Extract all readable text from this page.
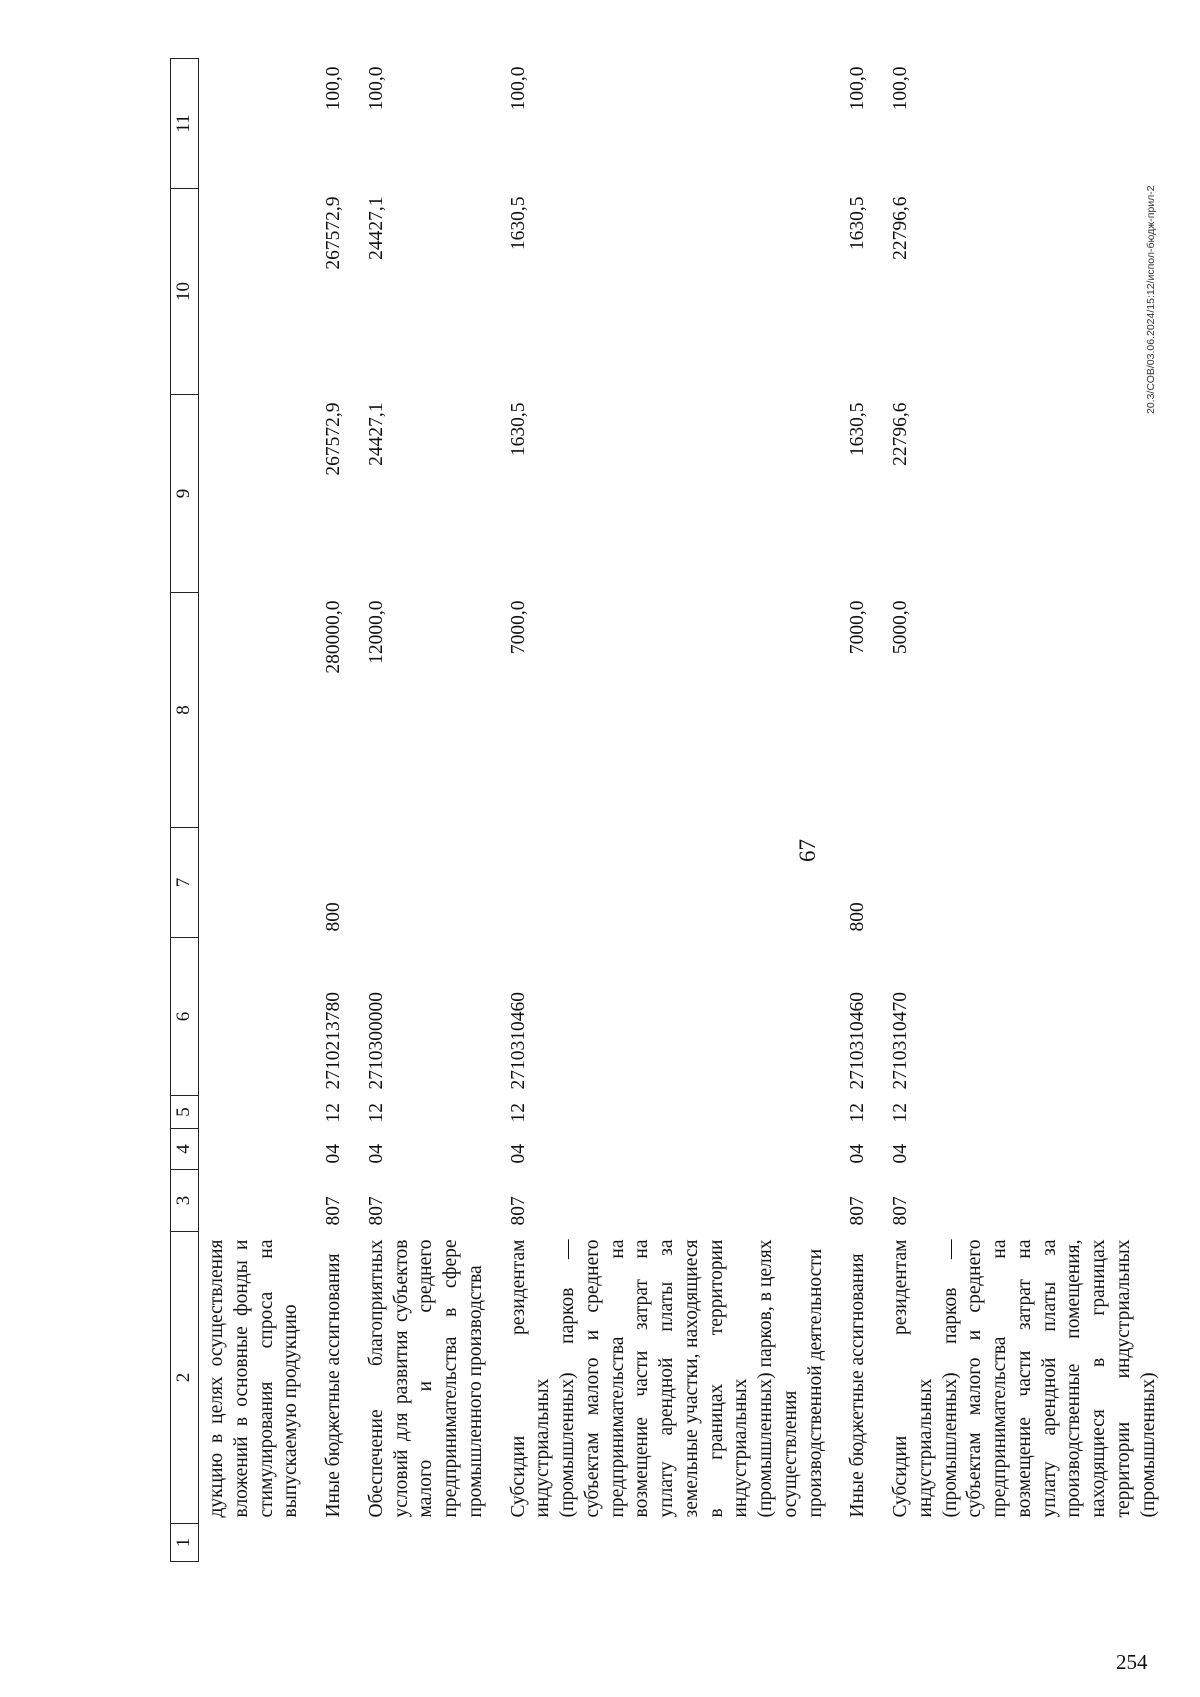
254
67
1	2	3	4	5	6	7	8	9	10	11
	дукцию в целях осуществления вложений в основные фонды и стимулирования спроса на выпускаемую продукцию									

	Иные бюджетные ассигнования	807	04	12	2710213780	800	280000,0	267572,9	267572,9	100,0

	Обеспечение благоприятных условий для развития субъектов малого и среднего предпринимательства в сфере промышленного производства	807	04	12	2710300000		12000,0	24427,1	24427,1	100,0

	Субсидии резидентам индустриальных (промышленных) парков — субъектам малого и среднего предпринимательства на возмещение части затрат на уплату арендной платы за земельные участки, находящиеся в границах территории индустриальных (промышленных) парков, в целях осуществления производственной деятельности	807	04	12	2710310460		7000,0	1630,5	1630,5	100,0

	Иные бюджетные ассигнования	807	04	12	2710310460	800	7000,0	1630,5	1630,5	100,0

	Субсидии резидентам индустриальных (промышленных) парков — субъектам малого и среднего предпринимательства на возмещение части затрат на уплату арендной платы за производственные помещения, находящиеся в границах территории индустриальных (промышленных)	807	04	12	2710310470		5000,0	22796,6	22796,6	100,0
20.3/СОВ/03.06.2024/15:12/испол-бюдж-прил-2
